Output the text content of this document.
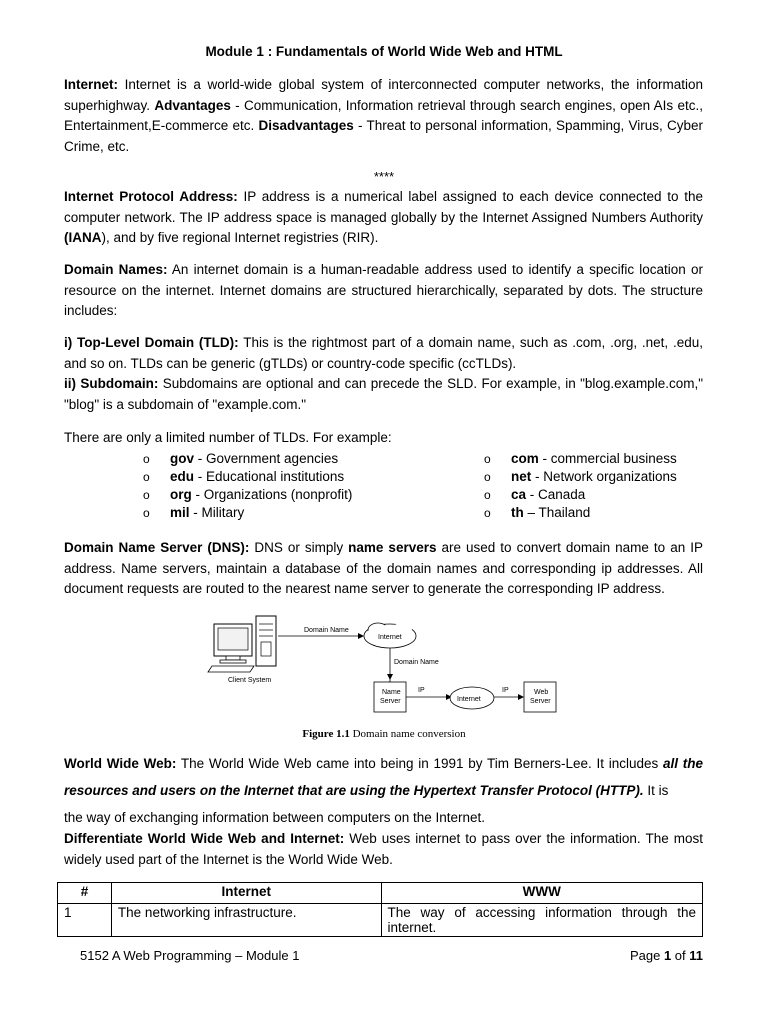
Module 1 : Fundamentals of World Wide Web and HTML
Internet: Internet is a world-wide global system of interconnected computer networks, the information superhighway. Advantages - Communication, Information retrieval through search engines, open AIs etc., Entertainment,E-commerce etc. Disadvantages - Threat to personal information, Spamming, Virus, Cyber Crime, etc.
****
Internet Protocol Address: IP address is a numerical label assigned to each device connected to the computer network. The IP address space is managed globally by the Internet Assigned Numbers Authority (IANA), and by five regional Internet registries (RIR).
Domain Names: An internet domain is a human-readable address used to identify a specific location or resource on the internet. Internet domains are structured hierarchically, separated by dots. The structure includes:
i) Top-Level Domain (TLD): This is the rightmost part of a domain name, such as .com, .org, .net, .edu, and so on. TLDs can be generic (gTLDs) or country-code specific (ccTLDs).
ii) Subdomain: Subdomains are optional and can precede the SLD. For example, in "blog.example.com," "blog" is a subdomain of "example.com."
There are only a limited number of TLDs. For example:
o	gov - Government agencies
o	edu - Educational institutions
o	org - Organizations (nonprofit)
o	mil - Military
o	com - commercial business
o	net - Network organizations
o	ca - Canada
o	th – Thailand
Domain Name Server (DNS): DNS or simply name servers are used to convert domain name to an IP address. Name servers, maintain a database of the domain names and corresponding ip addresses. All document requests are routed to the nearest name server to generate the corresponding IP address.
Client System
Domain Name
Internet
Domain Name
Name
Server
IP
Internet
IP	Web
Server
Figure 1.1 Domain name conversion
World Wide Web: The World Wide Web came into being in 1991 by Tim Berners-Lee. It includes all the resources and users on the Internet that are using the Hypertext Transfer Protocol (HTTP). It is
the way of exchanging information between computers on the Internet.
Differentiate World Wide Web and Internet: Web uses internet to pass over the information. The most widely used part of the Internet is the World Wide Web.
#	Internet	WWW
1	The networking infrastructure.	The way of accessing information through the internet.
5152 A Web Programming – Module 1	Page 1 of 11
